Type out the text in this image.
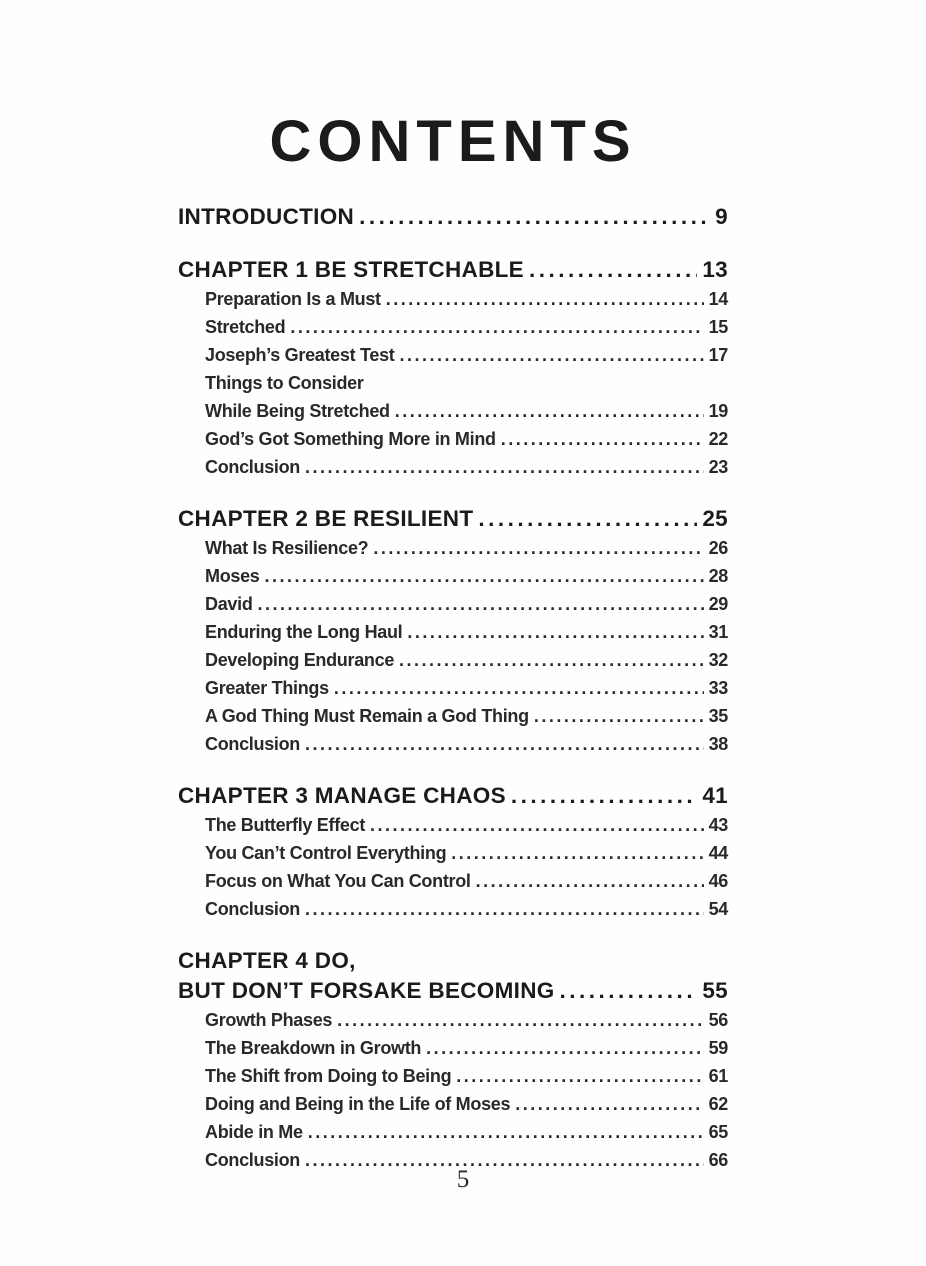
CONTENTS
INTRODUCTION .....	9
CHAPTER 1 BE STRETCHABLE .....	13
Preparation Is a Must .....	14
Stretched .....	15
Joseph’s Greatest Test .....	17
Things to Consider
While Being Stretched .....	19
God’s Got Something More in Mind .....	22
Conclusion .....	23
CHAPTER 2 BE RESILIENT .....	25
What Is Resilience? .....	26
Moses .....	28
David .....	29
Enduring the Long Haul .....	31
Developing Endurance .....	32
Greater Things .....	33
A God Thing Must Remain a God Thing .....	35
Conclusion .....	38
CHAPTER 3 MANAGE CHAOS .....	41
The Butterfly Effect .....	43
You Can’t Control Everything .....	44
Focus on What You Can Control .....	46
Conclusion .....	54
CHAPTER 4 DO,
BUT DON’T FORSAKE BECOMING .....	55
Growth Phases .....	56
The Breakdown in Growth .....	59
The Shift from Doing to Being .....	61
Doing and Being in the Life of Moses .....	62
Abide in Me .....	65
Conclusion .....	66
5
